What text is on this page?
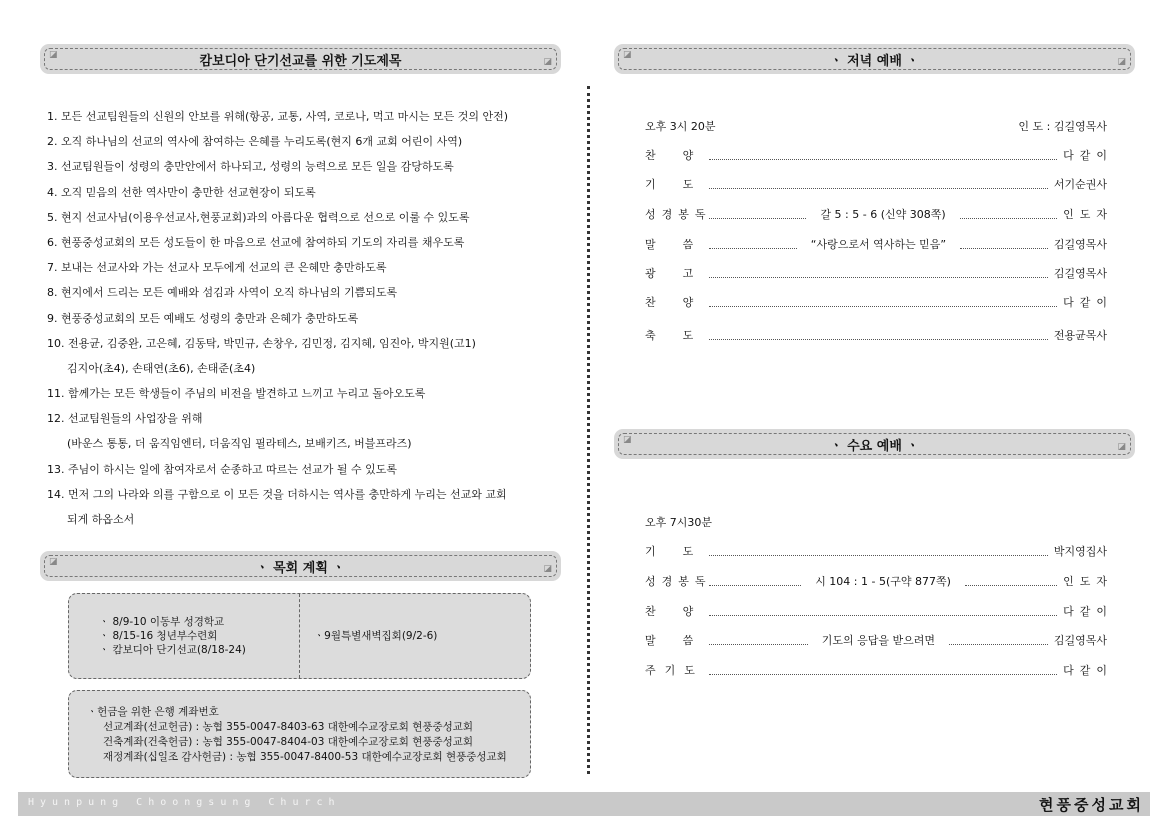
◪	캄보디아 단기선교를 위한 기도제목	◪
1. 모든 선교팀원들의 신원의 안보를 위해(항공, 교통, 사역, 코로나, 먹고 마시는 모든 것의 안전)
2. 오직 하나님의 선교의 역사에 참여하는 은혜를 누리도록(현지 6개 교회 어린이 사역)
3. 선교팀원들이 성령의 충만안에서 하나되고, 성령의 능력으로 모든 일을 감당하도록
4. 오직 믿음의 선한 역사만이 충만한 선교현장이 되도록
5. 현지 선교사님(이용우선교사,현풍교회)과의 아름다운 협력으로 선으로 이룰 수 있도록
6. 현풍중성교회의 모든 성도들이 한 마음으로 선교에 참여하되 기도의 자리를 채우도록
7. 보내는 선교사와 가는 선교사 모두에게 선교의 큰 은혜만 충만하도록
8. 현지에서 드리는 모든 예배와 섬김과 사역이 오직 하나님의 기쁨되도록
9. 현풍중성교회의 모든 예배도 성령의 충만과 은혜가 충만하도록
10. 전용균, 김중완, 고은혜, 김동탁, 박민규, 손창우, 김민정, 김지혜, 임진아, 박지원(고1)
김지아(초4), 손태연(초6), 손태준(초4)
11. 함께가는 모든 학생들이 주님의 비전을 발견하고 느끼고 누리고 돌아오도록
12. 선교팀원들의 사업장을 위해
(바운스 통통, 더 움직임엔터, 더움직임 필라테스, 보배키즈, 버블프라즈)
13. 주님이 하시는 일에 참여자로서 순종하고 따르는 선교가 될 수 있도록
14. 먼저 그의 나라와 의를 구함으로 이 모든 것을 더하시는 역사를 충만하게 누리는 선교와 교회
되게 하옵소서
◪	ㆍ 목회 계획 ㆍ	◪
ㆍ 8/9-10 이동부 성경학교
ㆍ 8/15-16 청년부수련회
ㆍ 캄보디아 단기선교(8/18-24)
ㆍ9월특별새벽집회(9/2-6)
ㆍ헌금을 위한 은행 계좌번호
선교계좌(선교헌금) : 농협 355-0047-8403-63 대한예수교장로회 현풍중성교회
건축계좌(건축헌금) : 농협 355-0047-8404-03 대한예수교장로회 현풍중성교회
재정계좌(십일조 감사헌금) : 농협 355-0047-8400-53 대한예수교장로회 현풍중성교회
◪	ㆍ 저녁 예배 ㆍ	◪
오후 3시 20분	인 도 : 김길영목사
찬양	다같이
기도	서기순권사
성경봉독	갈 5 : 5 - 6 (신약 308쪽)	인도자
말씀	“사랑으로서 역사하는 믿음”	김길영목사
광고	김길영목사
찬양	다같이
축도	전용균목사
◪	ㆍ 수요 예배 ㆍ	◪
오후 7시30분
기도	박지영집사
성경봉독	시 104 : 1 - 5(구약 877쪽)	인도자
찬양	다같이
말씀	기도의 응답을 받으려면	김길영목사
주기도	다같이
Hyunpung Choongsung Church	현풍중성교회
